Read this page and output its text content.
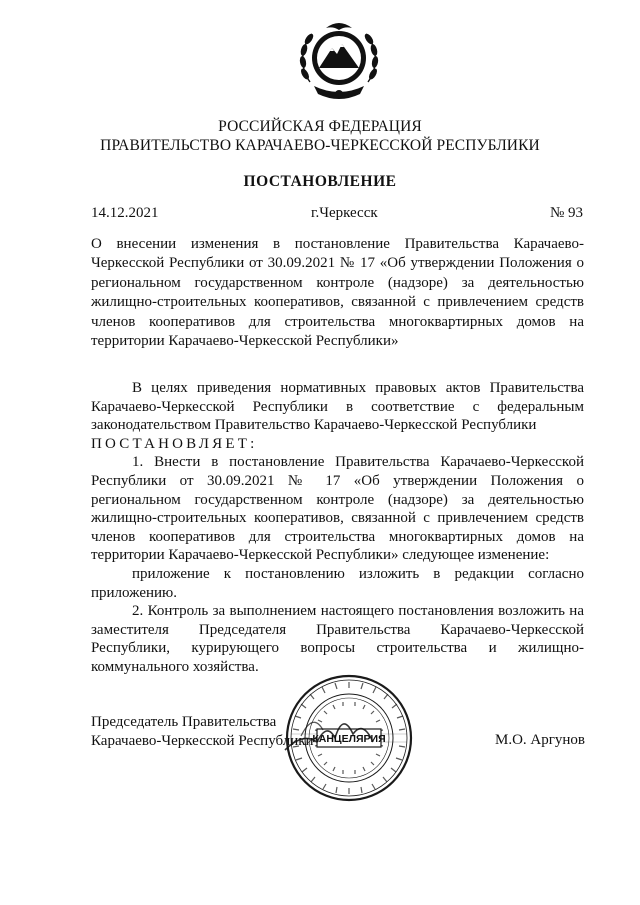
РОССИЙСКАЯ ФЕДЕРАЦИЯ
ПРАВИТЕЛЬСТВО КАРАЧАЕВО-ЧЕРКЕССКОЙ РЕСПУБЛИКИ
ПОСТАНОВЛЕНИЕ
14.12.2021	г.Черкесск	№ 93
О внесении изменения в постановление Правительства Карачаево-Черкесской Республики от 30.09.2021 № 17 «Об утверждении Положения о региональном государственном контроле (надзоре) за деятельностью жилищно-строительных кооперативов, связанной с привлечением средств членов кооперативов для строительства многоквартирных домов на территории Карачаево-Черкесской Республики»

В целях приведения нормативных правовых актов Правительства Карачаево-Черкесской Республики в соответствие с федеральным законодательством Правительство Карачаево-Черкесской Республики

ПОСТАНОВЛЯЕТ:

1. Внести в постановление Правительства Карачаево-Черкесской Республики от 30.09.2021 № 17 «Об утверждении Положения о региональном государственном контроле (надзоре) за деятельностью жилищно-строительных кооперативов, связанной с привлечением средств членов кооперативов для строительства многоквартирных домов на территории Карачаево-Черкесской Республики» следующее изменение:

приложение к постановлению изложить в редакции согласно приложению.

2. Контроль за выполнением настоящего постановления возложить на заместителя Председателя Правительства Карачаево-Черкесской Республики, курирующего вопросы строительства и жилищно-коммунального хозяйства.

Председатель Правительства
Карачаево-Черкесской Республики	М.О. Аргунов
КАНЦЕЛЯРИЯ
